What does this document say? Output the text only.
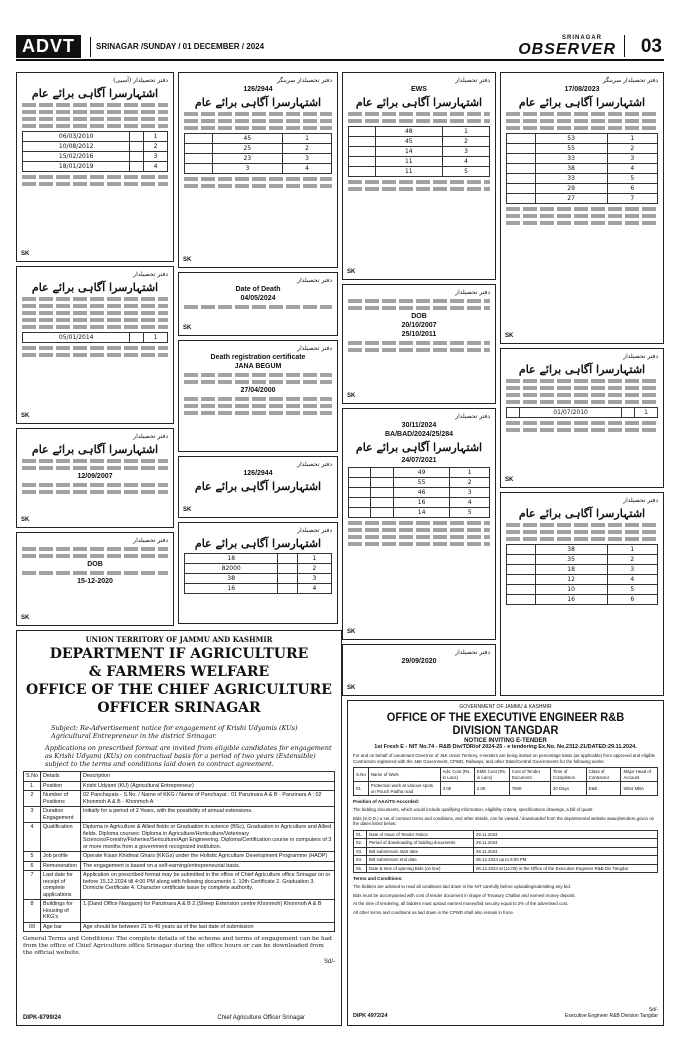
ADVT	SRINAGAR /SUNDAY / 01 DECEMBER / 2024
SRINAGAR
OBSERVER 03
دفتر تحصیلدار (آسپی)
اشتہارسرا آگاہی برائے عام
06/03/2010		1
10/08/2012		2
15/02/2016		3
18/01/2019		4
SK
دفتر تحصیلدار سرینگر
126/2944
اشتہارسرا آگاہی برائے عام
	45	1
	25	2
	23	3
	3	4
SK
دفتر تحصیلدار
EWS
اشتہارسرا آگاہی برائے عام
	48	1
	45	2
	14	3
	11	4
	11	5
SK
دفتر تحصیلدار سرینگر
17/08/2023
اشتہارسرا آگاہی برائے عام
	53	1
	55	2
	33	3
	38	4
	33	5
	29	6
	27	7
SK
دفتر تحصیلدار
اشتہارسرا آگاہی برائے عام
05/01/2014		1
SK
دفتر تحصیلدار
Date of Death
04/05/2024
SK
دفتر تحصیلدار
DOB
20/10/2007
25/10/2011
SK
دفتر تحصیلدار
اشتہارسرا آگاہی برائے عام
	01/07/2010		1
SK
دفتر تحصیلدار
Death registration certificate
JANA BEGUM
27/04/2000
دفتر تحصیلدار
اشتہارسرا آگاہی برائے عام
12/09/2007
SK
دفتر تحصیلدار
30/11/2024
BA/BAD/2024/25/284
اشتہارسرا آگاہی برائے عام
24/07/2021
		49	1
		55	2
		46	3
		16	4
		14	5
SK
دفتر تحصیلدار
126/2944
اشتہارسرا آگاہی برائے عام
SK
دفتر تحصیلدار
اشتہارسرا آگاہی برائے عام
18		1
82000		2
38		3
16		4
دفتر تحصیلدار
DOB
15-12-2020
SK
دفتر تحصیلدار
29/09/2020
SK
دفتر تحصیلدار
اشتہارسرا آگاہی برائے عام
	38	1
	35	2
	18	3
	12	4
	10	5
	16	6
UNION TERRITORY OF JAMMU AND KASHMIR
DEPARTMENT IF AGRICULTURE
& FARMERS WELFARE
OFFICE OF THE CHIEF AGRICULTURE
OFFICER SRINAGAR
Subject: Re-Advertisement notice for engagement of Krishi Udyamis (KUs) Agricultural Entrepreneur in the district Srinagar.
Applications on prescribed format are invited from eligible candidates for engagement as Krishi Udyami (KUs) on contractual basis for a period of two years (Extensible) subject to the terms and conditions laid down to contract agreement.
S.No	Details	Description
1.	Position	Krishi Udyami (KU) (Agricultural Entrepreneur)
2	Number of Positions	02 Panchayats - S.No. / Name of KKG / Name of Panchayat : 01 Panzinara A & B - Panzinara A ; 02 Khonmoh A & B - Khonmoh A
3	Duration Engagement	Initially for a period of 2 Years, with the possibility of annual extensions.
4	Qualification	Diploma in Agriculture & Allied fields or Graduation in science (BSc), Graduation in Agriculture and Allied fields. Diploma courses: Diploma in Agriculture/Horticulture/Veterinary Sciences/Forestry/Fisheries/Sericulture/Agri Engineering. Diploma/Certification course in computers of 3 or more months from a government recognized institution.
5	Job profile	Operate Kisan Khidmat Ghars (KKGs) under the Holistic Agriculture Development Programme (HADP)
6	Remuneration	The engagement is based on a self-earning/entrepreneurial basis.
7	Last date for receipt of complete applications	Application on prescribed format may be submitted in the office of Chief Agriculture office Srinagar on or before 15.12.2024 till 4:00 PM along with following documents 1. 10th Certificate 2. Graduation 3. Domicile Certificate 4. Character certificate issue by complete authority.
8	Buildings for Housing of KKG's	1.(Dand Office Nasgaon) for Panzinara A & B 2.(Sheep Extension centre Khonmoh) Khonmoh A & B
09	Age bar	Age should be between 21 to 45 years as of the last date of submission
General Terms and Conditions: The complete details of the scheme and terms of engagement can be had from the office of Chief Agriculture office Srinagar during the office hours or can be downloaded from the official website.
Sd/-
DIPK-8799/24	Chief Agriculture Officer Srinagar
GOVERNMENT OF JAMMU & KASHMIR
OFFICE OF THE EXECUTIVE ENGINEER R&B DIVISION TANGDAR
NOTICE INVITING E-TENDER
1st Fresh E - NIT No.74 - R&B Div/TDR/of 2024-25 - e tendering Ex.No. No.2312-21/DATED:29.11.2024.
For and on behalf of Lieutenant Governor of J&K Union Territory, e-tenders are being invited on percentage basis (as applicable) from approved and eligible Contractors registered with the J&K Government, CPWD, Railways, and other State/Central Governments for the following works:
S.No	Name of Work	Adv. Cost (Rs. in Lacs)	EMD Cost (Rs. in Lacs)	Cost of Tender Document	Time of Completion	Class of Contractor	Major Head of Account
01	Protection work at various spots on Pouch Padha road	3.05	2.00	7500	20 Days	E&E	5054 MBA
Position of AAA/TS-Accorded:
The bidding documents, which would include qualifying information, eligibility criteria, specifications drawings, a bill of quant
Bids (S.D.D.) a set of contract terms and conditions, and other details, can be viewed / downloaded from the departmental website www.jktenders.gov.in on the dates listed below:
01.	Date of Issue of Tender Notice	29.11.2024
02.	Period of downloading of bidding documents	29.11.2024
03.	Bid submission start date	29.11.2024
04.	Bid submission end date	06.12.2024 up to 6:00 PM
05.	Date & time of opening Bids (on line)	06.12.2024 at (11:00) in the Office of the Executive Engineer R&B Div Tangdar
Terms and Conditions:
The bidders are advised to read all conditions laid down in the NIT carefully before uploading/submitting any bid.
Bids must be accompanied with cost of tender document in shape of Treasury Challan and earnest money deposit.
At the time of tendering, all bidders must upload earnest money/bid security equal to 2% of the advertised cost.
All other terms and conditions as laid down in the CPWD shall also remain in force.
DIPK 4972/24
Sd/-
Executive Engineer R&B Division Tangdar
